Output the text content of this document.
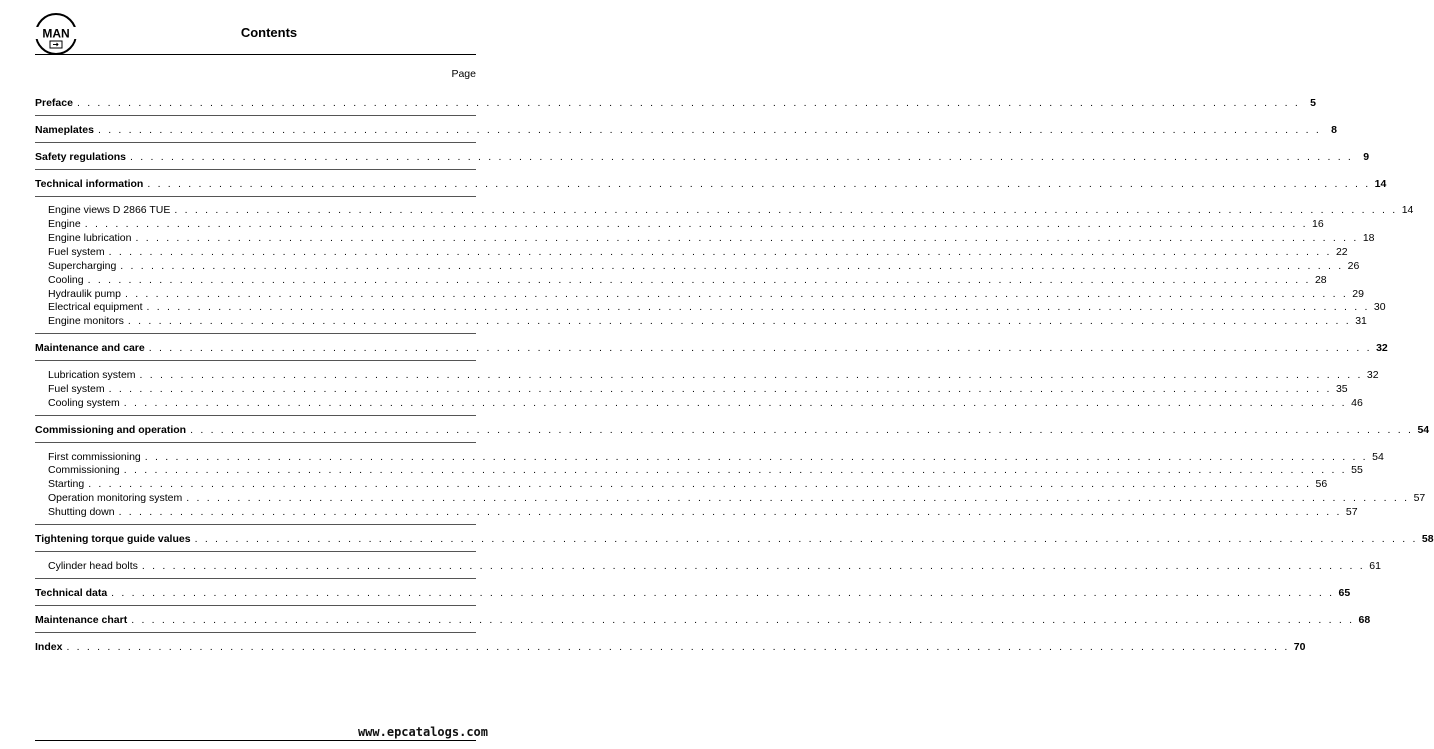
MAN	Contents
Page
Preface . . . . . . . . . . . . . . . . . . . . . . . . . . . . . . . . . . . . . . . . . . . . . . . . . . . . . . . . . . . . . . . . . . . . . . . . . . . . . . . . . . . . . . . . . . . . . . . . . . . . . . . . . . . . . . . . . . . . . . . . 5
Nameplates . . . . . . . . . . . . . . . . . . . . . . . . . . . . . . . . . . . . . . . . . . . . . . . . . . . . . . . . . . . . . . . . . . . . . . . . . . . . . . . . . . . . . . . . . . . . . . . . . . . . . . . . . . . . . . . . . . . . . . . . 8
Safety regulations . . . . . . . . . . . . . . . . . . . . . . . . . . . . . . . . . . . . . . . . . . . . . . . . . . . . . . . . . . . . . . . . . . . . . . . . . . . . . . . . . . . . . . . . . . . . . . . . . . . . . . . . . . . . . . . . . . . . . . . . 9
Technical information . . . . . . . . . . . . . . . . . . . . . . . . . . . . . . . . . . . . . . . . . . . . . . . . . . . . . . . . . . . . . . . . . . . . . . . . . . . . . . . . . . . . . . . . . . . . . . . . . . . . . . . . . . . . . . . . . . . . . . . . 14
Engine views D 2866 TUE . . . . . . . . . . . . . . . . . . . . . . . . . . . . . . . . . . . . . . . . . . . . . . . . . . . . . . . . . . . . . . . . . . . . . . . . . . . . . . . . . . . . . . . . . . . . . . . . . . . . . . . . . . . . . . . . . . . . . . . . 14
Engine . . . . . . . . . . . . . . . . . . . . . . . . . . . . . . . . . . . . . . . . . . . . . . . . . . . . . . . . . . . . . . . . . . . . . . . . . . . . . . . . . . . . . . . . . . . . . . . . . . . . . . . . . . . . . . . . . . . . . . . . 16
Engine lubrication . . . . . . . . . . . . . . . . . . . . . . . . . . . . . . . . . . . . . . . . . . . . . . . . . . . . . . . . . . . . . . . . . . . . . . . . . . . . . . . . . . . . . . . . . . . . . . . . . . . . . . . . . . . . . . . . . . . . . . . . 18
Fuel system . . . . . . . . . . . . . . . . . . . . . . . . . . . . . . . . . . . . . . . . . . . . . . . . . . . . . . . . . . . . . . . . . . . . . . . . . . . . . . . . . . . . . . . . . . . . . . . . . . . . . . . . . . . . . . . . . . . . . . . . 22
Supercharging . . . . . . . . . . . . . . . . . . . . . . . . . . . . . . . . . . . . . . . . . . . . . . . . . . . . . . . . . . . . . . . . . . . . . . . . . . . . . . . . . . . . . . . . . . . . . . . . . . . . . . . . . . . . . . . . . . . . . . . . 26
Cooling . . . . . . . . . . . . . . . . . . . . . . . . . . . . . . . . . . . . . . . . . . . . . . . . . . . . . . . . . . . . . . . . . . . . . . . . . . . . . . . . . . . . . . . . . . . . . . . . . . . . . . . . . . . . . . . . . . . . . . . . 28
Hydraulik pump . . . . . . . . . . . . . . . . . . . . . . . . . . . . . . . . . . . . . . . . . . . . . . . . . . . . . . . . . . . . . . . . . . . . . . . . . . . . . . . . . . . . . . . . . . . . . . . . . . . . . . . . . . . . . . . . . . . . . . . . 29
Electrical equipment . . . . . . . . . . . . . . . . . . . . . . . . . . . . . . . . . . . . . . . . . . . . . . . . . . . . . . . . . . . . . . . . . . . . . . . . . . . . . . . . . . . . . . . . . . . . . . . . . . . . . . . . . . . . . . . . . . . . . . . . 30
Engine monitors . . . . . . . . . . . . . . . . . . . . . . . . . . . . . . . . . . . . . . . . . . . . . . . . . . . . . . . . . . . . . . . . . . . . . . . . . . . . . . . . . . . . . . . . . . . . . . . . . . . . . . . . . . . . . . . . . . . . . . . . 31
Maintenance and care . . . . . . . . . . . . . . . . . . . . . . . . . . . . . . . . . . . . . . . . . . . . . . . . . . . . . . . . . . . . . . . . . . . . . . . . . . . . . . . . . . . . . . . . . . . . . . . . . . . . . . . . . . . . . . . . . . . . . . . . 32
Lubrication system . . . . . . . . . . . . . . . . . . . . . . . . . . . . . . . . . . . . . . . . . . . . . . . . . . . . . . . . . . . . . . . . . . . . . . . . . . . . . . . . . . . . . . . . . . . . . . . . . . . . . . . . . . . . . . . . . . . . . . . . 32
Fuel system . . . . . . . . . . . . . . . . . . . . . . . . . . . . . . . . . . . . . . . . . . . . . . . . . . . . . . . . . . . . . . . . . . . . . . . . . . . . . . . . . . . . . . . . . . . . . . . . . . . . . . . . . . . . . . . . . . . . . . . . 35
Cooling system . . . . . . . . . . . . . . . . . . . . . . . . . . . . . . . . . . . . . . . . . . . . . . . . . . . . . . . . . . . . . . . . . . . . . . . . . . . . . . . . . . . . . . . . . . . . . . . . . . . . . . . . . . . . . . . . . . . . . . . . 46
Commissioning and operation . . . . . . . . . . . . . . . . . . . . . . . . . . . . . . . . . . . . . . . . . . . . . . . . . . . . . . . . . . . . . . . . . . . . . . . . . . . . . . . . . . . . . . . . . . . . . . . . . . . . . . . . . . . . . . . . . . . . . . . . 54
First commissioning . . . . . . . . . . . . . . . . . . . . . . . . . . . . . . . . . . . . . . . . . . . . . . . . . . . . . . . . . . . . . . . . . . . . . . . . . . . . . . . . . . . . . . . . . . . . . . . . . . . . . . . . . . . . . . . . . . . . . . . . 54
Commissioning . . . . . . . . . . . . . . . . . . . . . . . . . . . . . . . . . . . . . . . . . . . . . . . . . . . . . . . . . . . . . . . . . . . . . . . . . . . . . . . . . . . . . . . . . . . . . . . . . . . . . . . . . . . . . . . . . . . . . . . . 55
Starting . . . . . . . . . . . . . . . . . . . . . . . . . . . . . . . . . . . . . . . . . . . . . . . . . . . . . . . . . . . . . . . . . . . . . . . . . . . . . . . . . . . . . . . . . . . . . . . . . . . . . . . . . . . . . . . . . . . . . . . . 56
Operation monitoring system . . . . . . . . . . . . . . . . . . . . . . . . . . . . . . . . . . . . . . . . . . . . . . . . . . . . . . . . . . . . . . . . . . . . . . . . . . . . . . . . . . . . . . . . . . . . . . . . . . . . . . . . . . . . . . . . . . . . . . . . 57
Shutting down . . . . . . . . . . . . . . . . . . . . . . . . . . . . . . . . . . . . . . . . . . . . . . . . . . . . . . . . . . . . . . . . . . . . . . . . . . . . . . . . . . . . . . . . . . . . . . . . . . . . . . . . . . . . . . . . . . . . . . . . 57
Tightening torque guide values . . . . . . . . . . . . . . . . . . . . . . . . . . . . . . . . . . . . . . . . . . . . . . . . . . . . . . . . . . . . . . . . . . . . . . . . . . . . . . . . . . . . . . . . . . . . . . . . . . . . . . . . . . . . . . . . . . . . . . . . 58
Cylinder head bolts . . . . . . . . . . . . . . . . . . . . . . . . . . . . . . . . . . . . . . . . . . . . . . . . . . . . . . . . . . . . . . . . . . . . . . . . . . . . . . . . . . . . . . . . . . . . . . . . . . . . . . . . . . . . . . . . . . . . . . . . 61
Technical data . . . . . . . . . . . . . . . . . . . . . . . . . . . . . . . . . . . . . . . . . . . . . . . . . . . . . . . . . . . . . . . . . . . . . . . . . . . . . . . . . . . . . . . . . . . . . . . . . . . . . . . . . . . . . . . . . . . . . . . . 65
Maintenance chart . . . . . . . . . . . . . . . . . . . . . . . . . . . . . . . . . . . . . . . . . . . . . . . . . . . . . . . . . . . . . . . . . . . . . . . . . . . . . . . . . . . . . . . . . . . . . . . . . . . . . . . . . . . . . . . . . . . . . . . . 68
Index . . . . . . . . . . . . . . . . . . . . . . . . . . . . . . . . . . . . . . . . . . . . . . . . . . . . . . . . . . . . . . . . . . . . . . . . . . . . . . . . . . . . . . . . . . . . . . . . . . . . . . . . . . . . . . . . . . . . . . . . 70
www.epcatalogs.com
